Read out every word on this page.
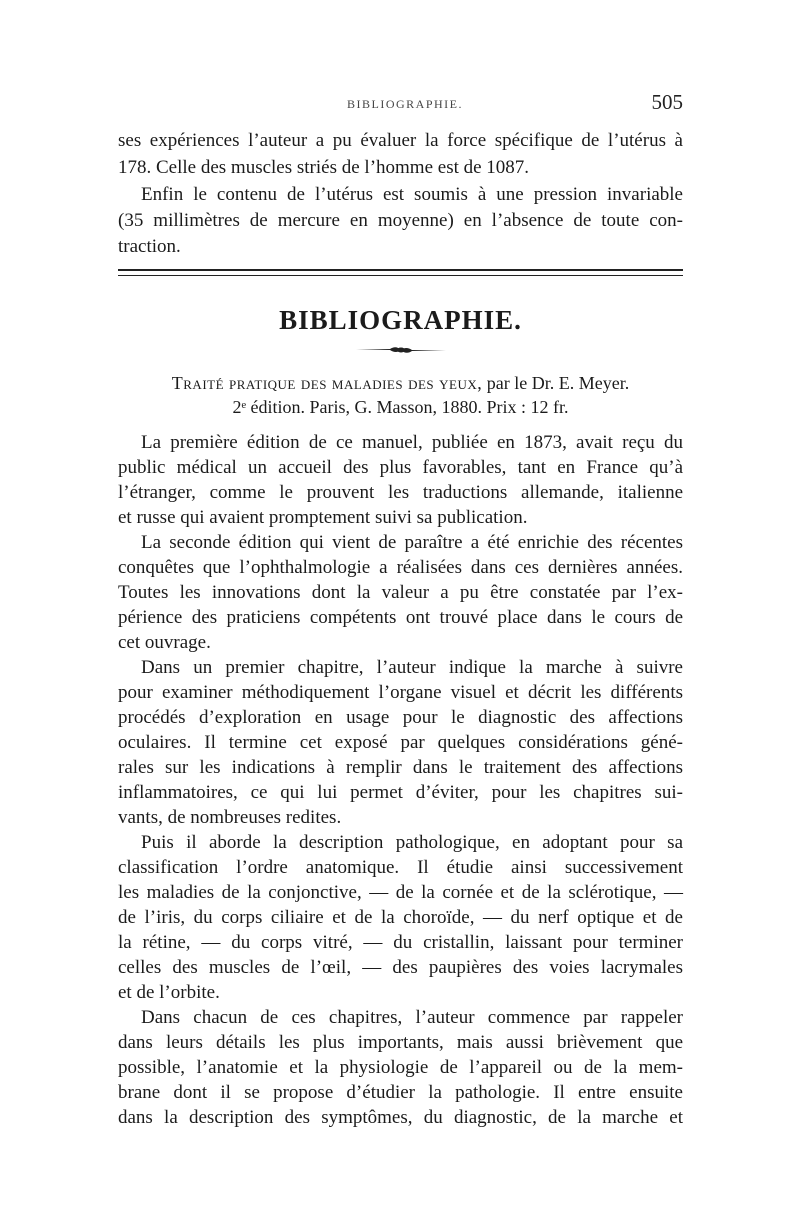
BIBLIOGRAPHIE.	505
ses expériences l’auteur a pu évaluer la force spécifique de l’utérus à
178. Celle des muscles striés de l’homme est de 1087.
Enfin le contenu de l’utérus est soumis à une pression invariable
(35 millimètres de mercure en moyenne) en l’absence de toute con-
traction.
BIBLIOGRAPHIE.
Traité pratique des maladies des yeux, par le Dr. E. Meyer.
2ᵉ édition. Paris, G. Masson, 1880. Prix : 12 fr.
La première édition de ce manuel, publiée en 1873, avait reçu du
public médical un accueil des plus favorables, tant en France qu’à
l’étranger, comme le prouvent les traductions allemande, italienne
et russe qui avaient promptement suivi sa publication.
La seconde édition qui vient de paraître a été enrichie des récentes
conquêtes que l’ophthalmologie a réalisées dans ces dernières années.
Toutes les innovations dont la valeur a pu être constatée par l’ex-
périence des praticiens compétents ont trouvé place dans le cours de
cet ouvrage.
Dans un premier chapitre, l’auteur indique la marche à suivre
pour examiner méthodiquement l’organe visuel et décrit les différents
procédés d’exploration en usage pour le diagnostic des affections
oculaires. Il termine cet exposé par quelques considérations géné-
rales sur les indications à remplir dans le traitement des affections
inflammatoires, ce qui lui permet d’éviter, pour les chapitres sui-
vants, de nombreuses redites.
Puis il aborde la description pathologique, en adoptant pour sa
classification l’ordre anatomique. Il étudie ainsi successivement
les maladies de la conjonctive, — de la cornée et de la sclérotique, —
de l’iris, du corps ciliaire et de la choroïde, — du nerf optique et de
la rétine, — du corps vitré, — du cristallin, laissant pour terminer
celles des muscles de l’œil, — des paupières des voies lacrymales
et de l’orbite.
Dans chacun de ces chapitres, l’auteur commence par rappeler
dans leurs détails les plus importants, mais aussi brièvement que
possible, l’anatomie et la physiologie de l’appareil ou de la mem-
brane dont il se propose d’étudier la pathologie. Il entre ensuite
dans la description des symptômes, du diagnostic, de la marche et
